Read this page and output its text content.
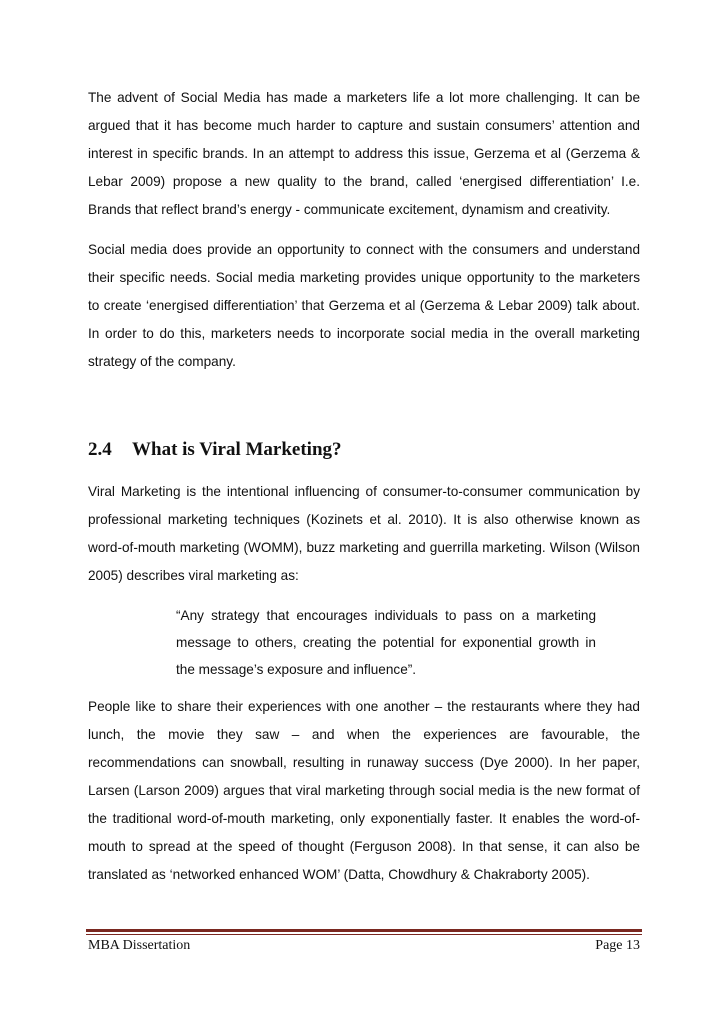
The advent of Social Media has made a marketers life a lot more challenging. It can be argued that it has become much harder to capture and sustain consumers’ attention and interest in specific brands. In an attempt to address this issue, Gerzema et al (Gerzema & Lebar 2009) propose a new quality to the brand, called ‘energised differentiation’ I.e. Brands that reflect brand’s energy - communicate excitement, dynamism and creativity.

Social media does provide an opportunity to connect with the consumers and understand their specific needs. Social media marketing provides unique opportunity to the marketers to create ‘energised differentiation’ that Gerzema et al (Gerzema & Lebar 2009) talk about. In order to do this, marketers needs to incorporate social media in the overall marketing strategy of the company.

2.4	What is Viral Marketing?

Viral Marketing is the intentional influencing of consumer-to-consumer communication by professional marketing techniques (Kozinets et al. 2010). It is also otherwise known as word-of-mouth marketing (WOMM), buzz marketing and guerrilla marketing. Wilson (Wilson 2005) describes viral marketing as:

“Any strategy that encourages individuals to pass on a marketing
message to others, creating the potential for exponential growth in
the message’s exposure and influence”.

People like to share their experiences with one another – the restaurants where they had lunch, the movie they saw – and when the experiences are favourable, the recommendations can snowball, resulting in runaway success (Dye 2000). In her paper, Larsen (Larson 2009) argues that viral marketing through social media is the new format of the traditional word-of-mouth marketing, only exponentially faster. It enables the word-of-mouth to spread at the speed of thought (Ferguson 2008). In that sense, it can also be translated as ‘networked enhanced WOM’ (Datta, Chowdhury & Chakraborty 2005).

MBA Dissertation	Page 13
